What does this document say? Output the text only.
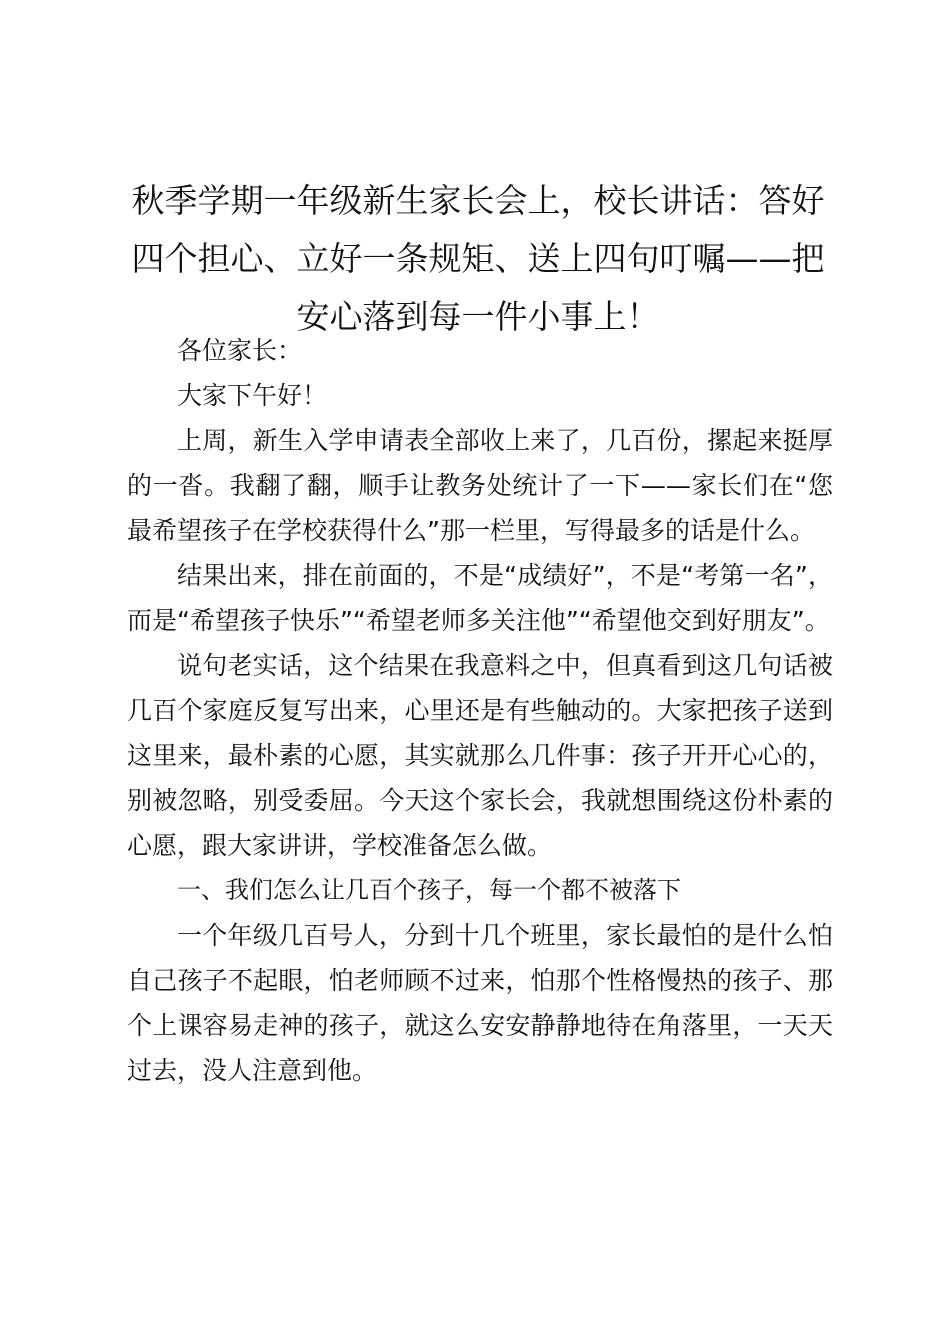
秋季学期一年级新生家长会上，校长讲话：答好四个担心、立好一条规矩、送上四句叮嘱——把安心落到每一件小事上！

各位家长：

大家下午好！

上周，新生入学申请表全部收上来了，几百份，摞起来挺厚的一沓。我翻了翻，顺手让教务处统计了一下——家长们在“您最希望孩子在学校获得什么”那一栏里，写得最多的话是什么。

结果出来，排在前面的，不是“成绩好”，不是“考第一名”，而是“希望孩子快乐”“希望老师多关注他”“希望他交到好朋友”。

说句老实话，这个结果在我意料之中，但真看到这几句话被几百个家庭反复写出来，心里还是有些触动的。大家把孩子送到这里来，最朴素的心愿，其实就那么几件事：孩子开开心心的，别被忽略，别受委屈。今天这个家长会，我就想围绕这份朴素的心愿，跟大家讲讲，学校准备怎么做。

一、我们怎么让几百个孩子，每一个都不被落下

一个年级几百号人，分到十几个班里，家长最怕的是什么怕自己孩子不起眼，怕老师顾不过来，怕那个性格慢热的孩子、那个上课容易走神的孩子，就这么安安静静地待在角落里，一天天过去，没人注意到他。
